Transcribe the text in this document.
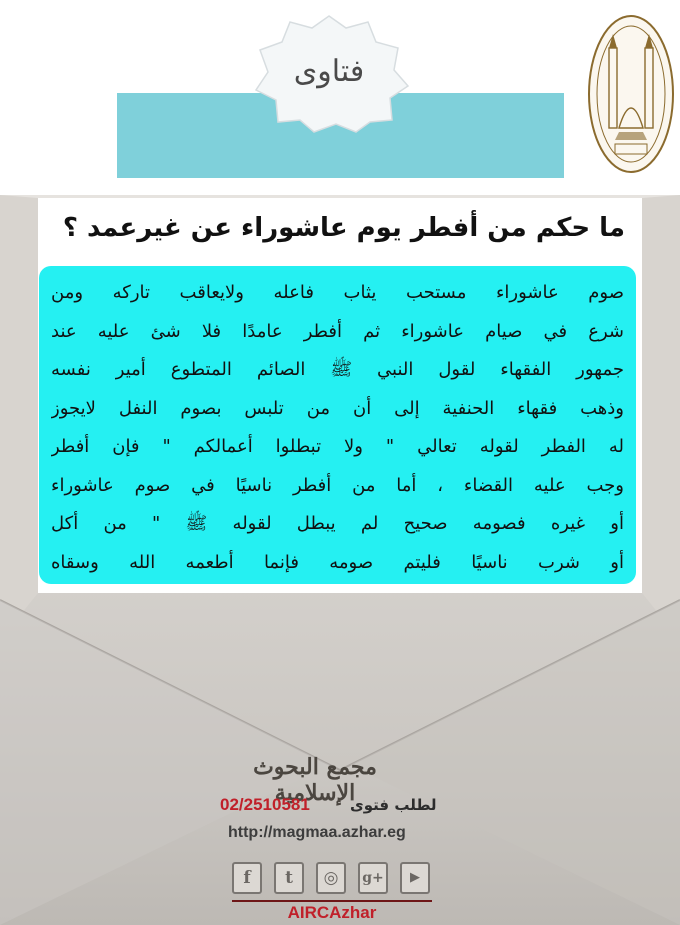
فتاوى
ما حكم من أفطر يوم عاشوراء عن غيرعمد ؟
صوم عاشوراء مستحب يثاب فاعله ولايعاقب تاركه ومن
شرع في صيام عاشوراء ثم أفطر عامدًا فلا شئ عليه عند
جمهور الفقهاء لقول النبي ﷺ الصائم المتطوع أمير نفسه
وذهب فقهاء الحنفية إلى أن من تلبس بصوم النفل لايجوز
له الفطر لقوله تعالي " ولا تبطلوا أعمالكم " فإن أفطر
وجب عليه القضاء ، أما من أفطر ناسيًا في صوم عاشوراء
أو غيره فصومه صحيح لم يبطل لقوله ﷺ " من أكل
أو شرب ناسيًا فليتم صومه فإنما أطعمه الله وسقاه
مجمع البحوث الإسلامية
02/2510581	لطلب فتوى
http://magmaa.azhar.eg
f	t	◎	g+	▶
AIRCAzhar
